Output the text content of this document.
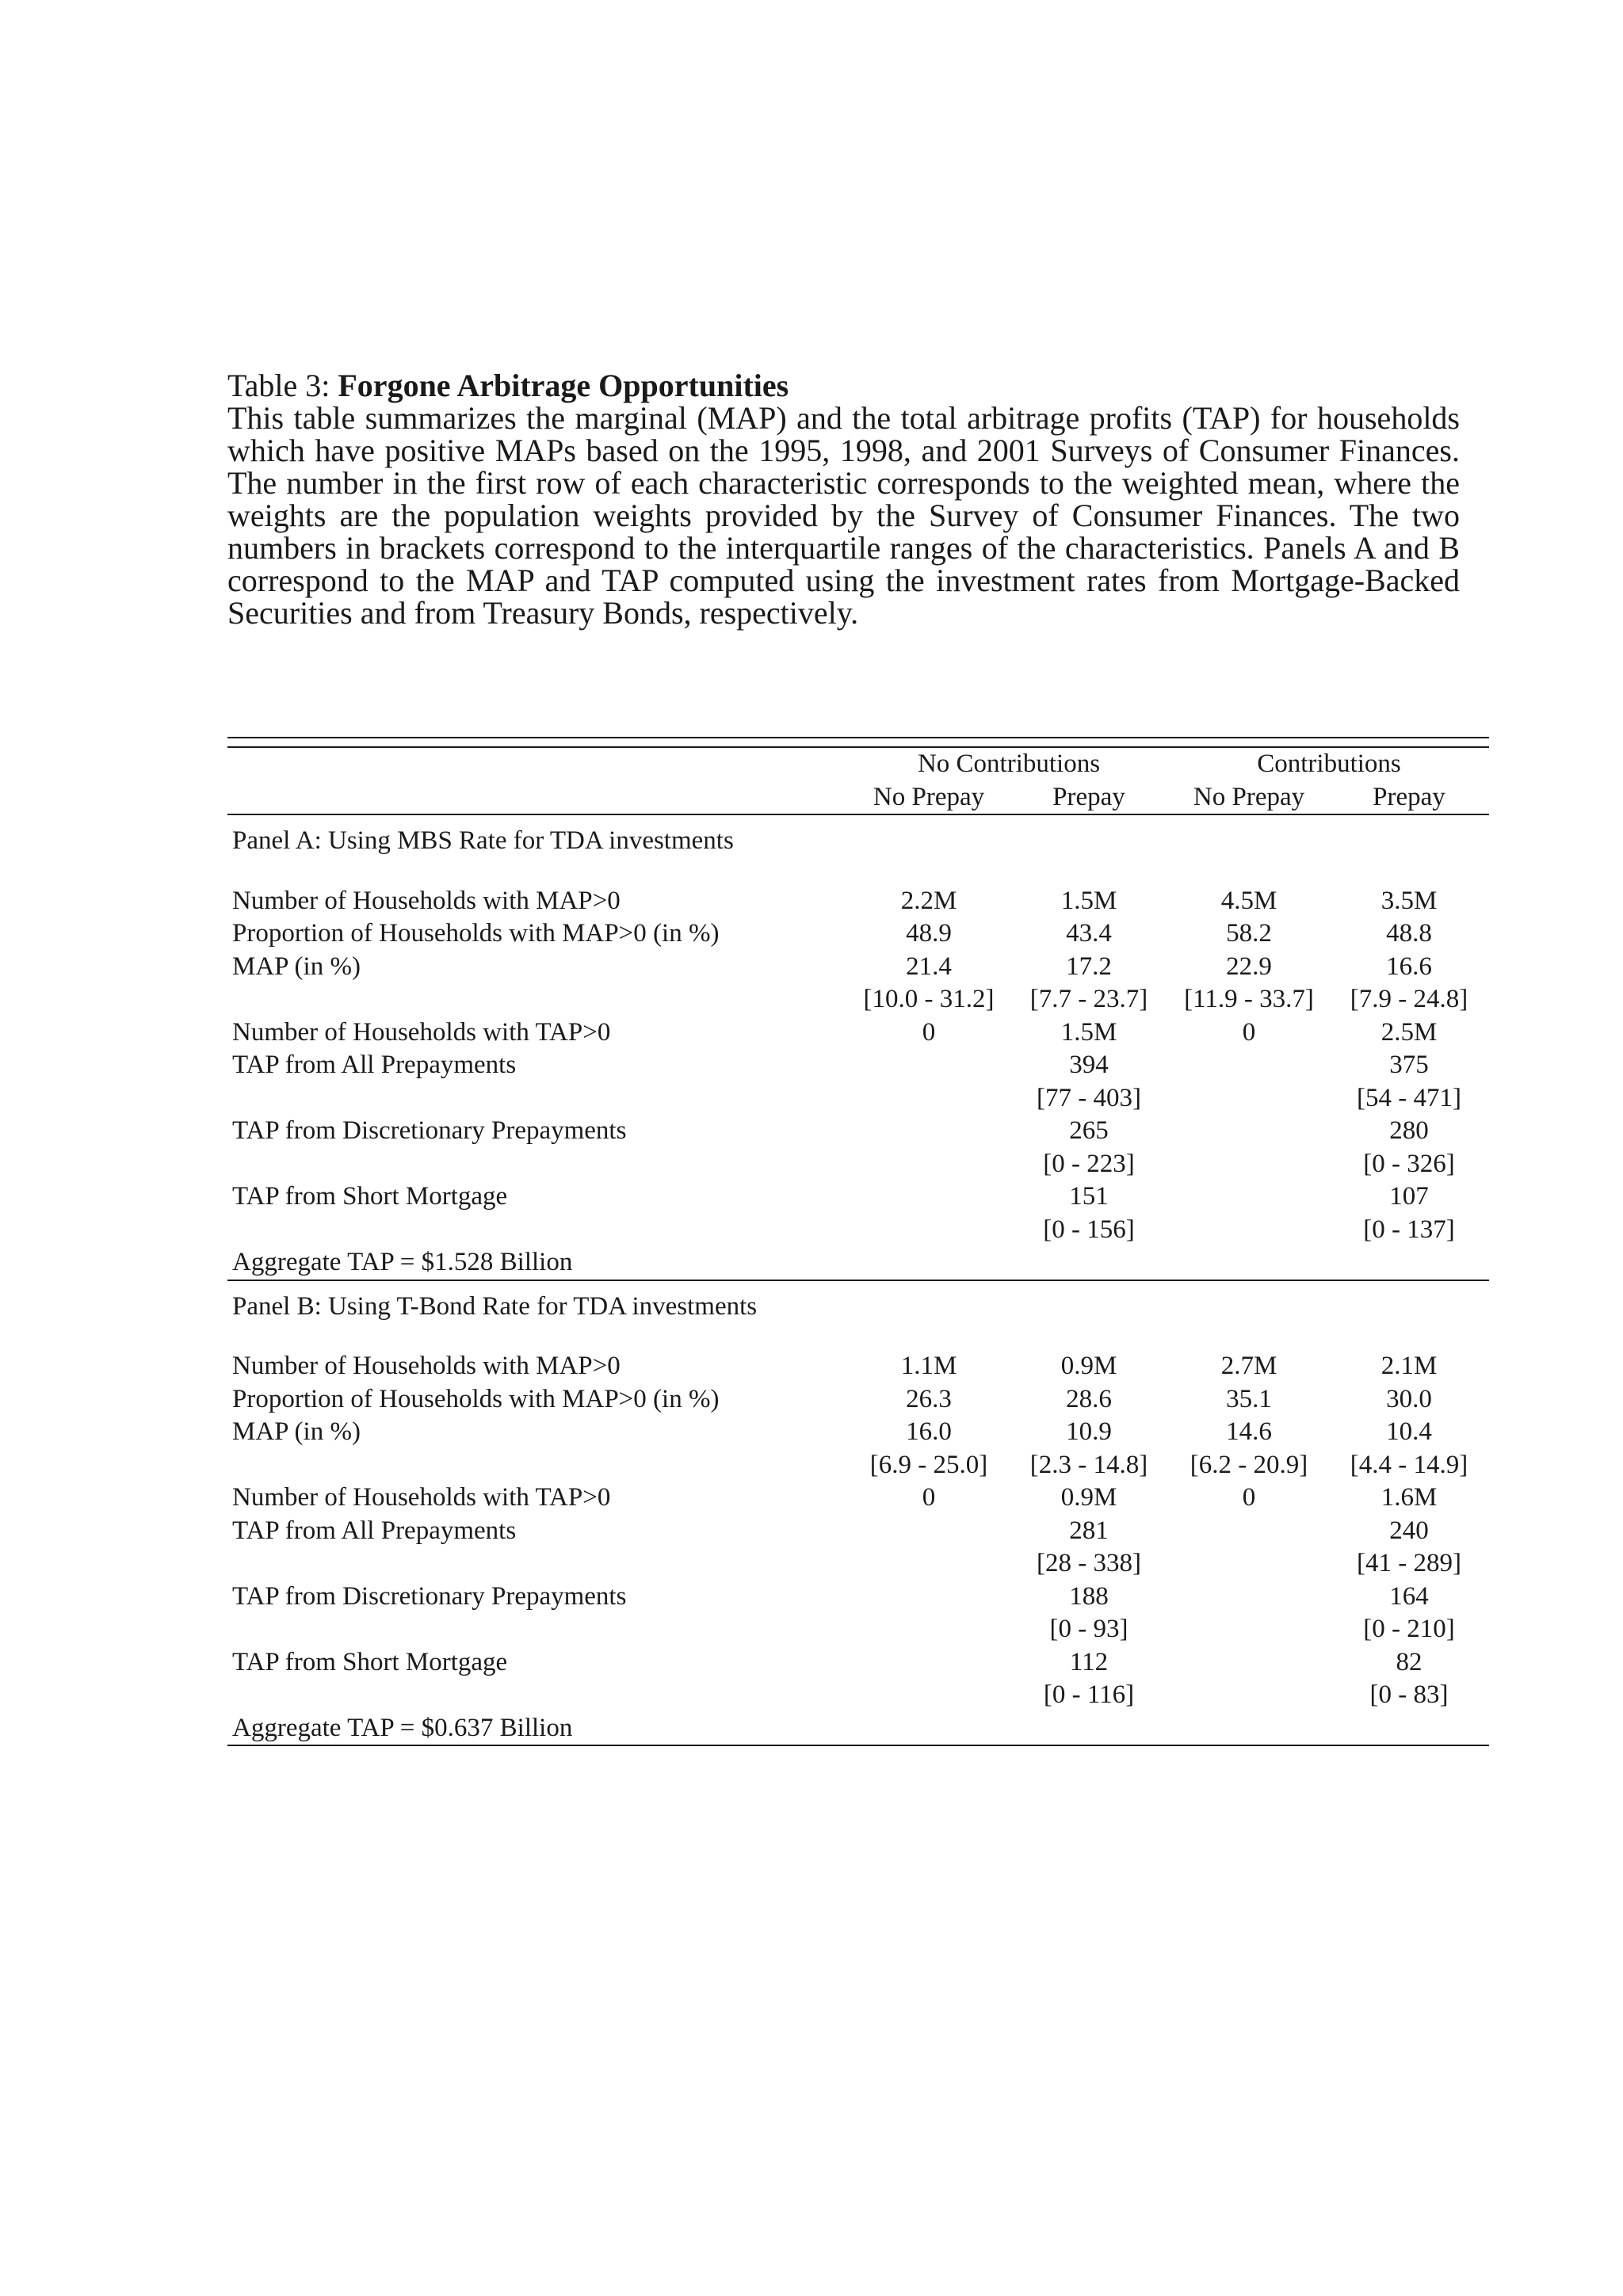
Table 3: Forgone Arbitrage Opportunities
This table summarizes the marginal (MAP) and the total arbitrage profits (TAP) for households which have positive MAPs based on the 1995, 1998, and 2001 Surveys of Consumer Finances. The number in the first row of each characteristic corresponds to the weighted mean, where the weights are the population weights provided by the Survey of Consumer Finances. The two numbers in brackets correspond to the interquartile ranges of the characteristics. Panels A and B correspond to the MAP and TAP computed using the investment rates from Mortgage-Backed Securities and from Treasury Bonds, respectively.

	No Contributions		Contributions	
	No Prepay	Prepay	No Prepay	Prepay
Panel A: Using MBS Rate for TDA investments				

Number of Households with MAP>0	2.2M	1.5M	4.5M	3.5M
Proportion of Households with MAP>0 (in %)	48.9	43.4	58.2	48.8
MAP (in %)	21.4	17.2	22.9	16.6
	[10.0 - 31.2]	[7.7 - 23.7]	[11.9 - 33.7]	[7.9 - 24.8]
Number of Households with TAP>0	0	1.5M	0	2.5M
TAP from All Prepayments		394		375
		[77 - 403]		[54 - 471]
TAP from Discretionary Prepayments		265		280
		[0 - 223]		[0 - 326]
TAP from Short Mortgage		151		107
		[0 - 156]		[0 - 137]
Aggregate TAP = $1.528 Billion				
Panel B: Using T-Bond Rate for TDA investments				

Number of Households with MAP>0	1.1M	0.9M	2.7M	2.1M
Proportion of Households with MAP>0 (in %)	26.3	28.6	35.1	30.0
MAP (in %)	16.0	10.9	14.6	10.4
	[6.9 - 25.0]	[2.3 - 14.8]	[6.2 - 20.9]	[4.4 - 14.9]
Number of Households with TAP>0	0	0.9M	0	1.6M
TAP from All Prepayments		281		240
		[28 - 338]		[41 - 289]
TAP from Discretionary Prepayments		188		164
		[0 - 93]		[0 - 210]
TAP from Short Mortgage		112		82
		[0 - 116]		[0 - 83]
Aggregate TAP = $0.637 Billion				
